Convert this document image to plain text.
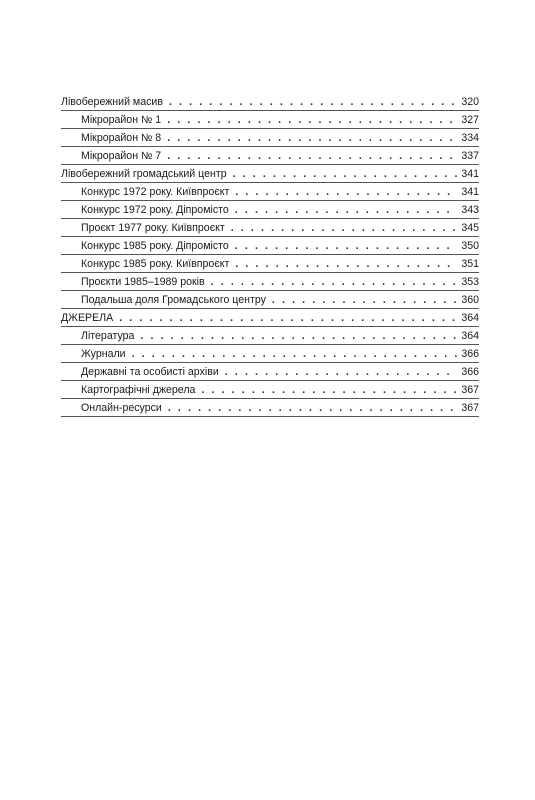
Лівобережний масив . . .	320
Мікрорайон № 1 . . .	327
Мікрорайон № 8 . . .	334
Мікрорайон № 7 . . .	337
Лівобережний громадський центр . . .	341
Конкурс 1972 року. Київпроєкт . . .	341
Конкурс 1972 року. Діпромісто . . .	343
Проєкт 1977 року. Київпроєкт . . .	345
Конкурс 1985 року. Діпромісто . . .	350
Конкурс 1985 року. Київпроєкт . . .	351
Проєкти 1985–1989 років . . .	353
Подальша доля Громадського центру . . .	360
ДЖЕРЕЛА . . .	364
Література . . .	364
Журнали . . .	366
Державні та особисті архіви . . .	366
Картографічні джерела . . .	367
Онлайн-ресурси . . .	367
